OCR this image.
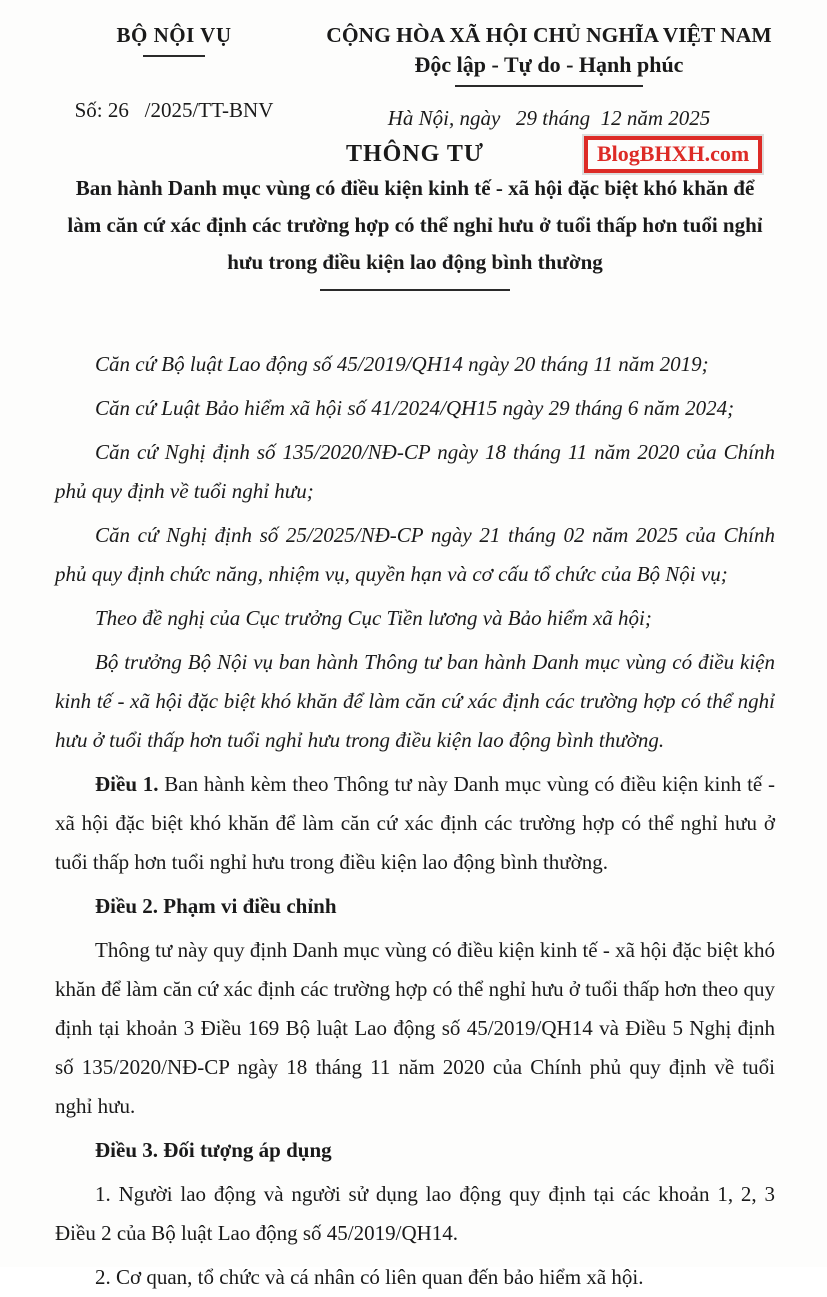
BỘ NỘI VỤ
Số: 26   /2025/TT-BNV
CỘNG HÒA XÃ HỘI CHỦ NGHĨA VIỆT NAM
Độc lập - Tự do - Hạnh phúc
Hà Nội, ngày   29 tháng  12 năm 2025
BlogBHXH.com
THÔNG TƯ
Ban hành Danh mục vùng có điều kiện kinh tế - xã hội đặc biệt khó khăn để làm căn cứ xác định các trường hợp có thể nghỉ hưu ở tuổi thấp hơn tuổi nghỉ hưu trong điều kiện lao động bình thường

Căn cứ Bộ luật Lao động số 45/2019/QH14 ngày 20 tháng 11 năm 2019;

Căn cứ Luật Bảo hiểm xã hội số 41/2024/QH15 ngày 29 tháng 6 năm 2024;

Căn cứ Nghị định số 135/2020/NĐ-CP ngày 18 tháng 11 năm 2020 của Chính phủ quy định về tuổi nghỉ hưu;

Căn cứ Nghị định số 25/2025/NĐ-CP ngày 21 tháng 02 năm 2025 của Chính phủ quy định chức năng, nhiệm vụ, quyền hạn và cơ cấu tổ chức của Bộ Nội vụ;

Theo đề nghị của Cục trưởng Cục Tiền lương và Bảo hiểm xã hội;

Bộ trưởng Bộ Nội vụ ban hành Thông tư ban hành Danh mục vùng có điều kiện kinh tế - xã hội đặc biệt khó khăn để làm căn cứ xác định các trường hợp có thể nghỉ hưu ở tuổi thấp hơn tuổi nghỉ hưu trong điều kiện lao động bình thường.

Điều 1. Ban hành kèm theo Thông tư này Danh mục vùng có điều kiện kinh tế - xã hội đặc biệt khó khăn để làm căn cứ xác định các trường hợp có thể nghỉ hưu ở tuổi thấp hơn tuổi nghỉ hưu trong điều kiện lao động bình thường.

Điều 2. Phạm vi điều chỉnh

Thông tư này quy định Danh mục vùng có điều kiện kinh tế - xã hội đặc biệt khó khăn để làm căn cứ xác định các trường hợp có thể nghỉ hưu ở tuổi thấp hơn theo quy định tại khoản 3 Điều 169 Bộ luật Lao động số 45/2019/QH14 và Điều 5 Nghị định số 135/2020/NĐ-CP ngày 18 tháng 11 năm 2020 của Chính phủ quy định về tuổi nghỉ hưu.

Điều 3. Đối tượng áp dụng

1. Người lao động và người sử dụng lao động quy định tại các khoản 1, 2, 3 Điều 2 của Bộ luật Lao động số 45/2019/QH14.

2. Cơ quan, tổ chức và cá nhân có liên quan đến bảo hiểm xã hội.
